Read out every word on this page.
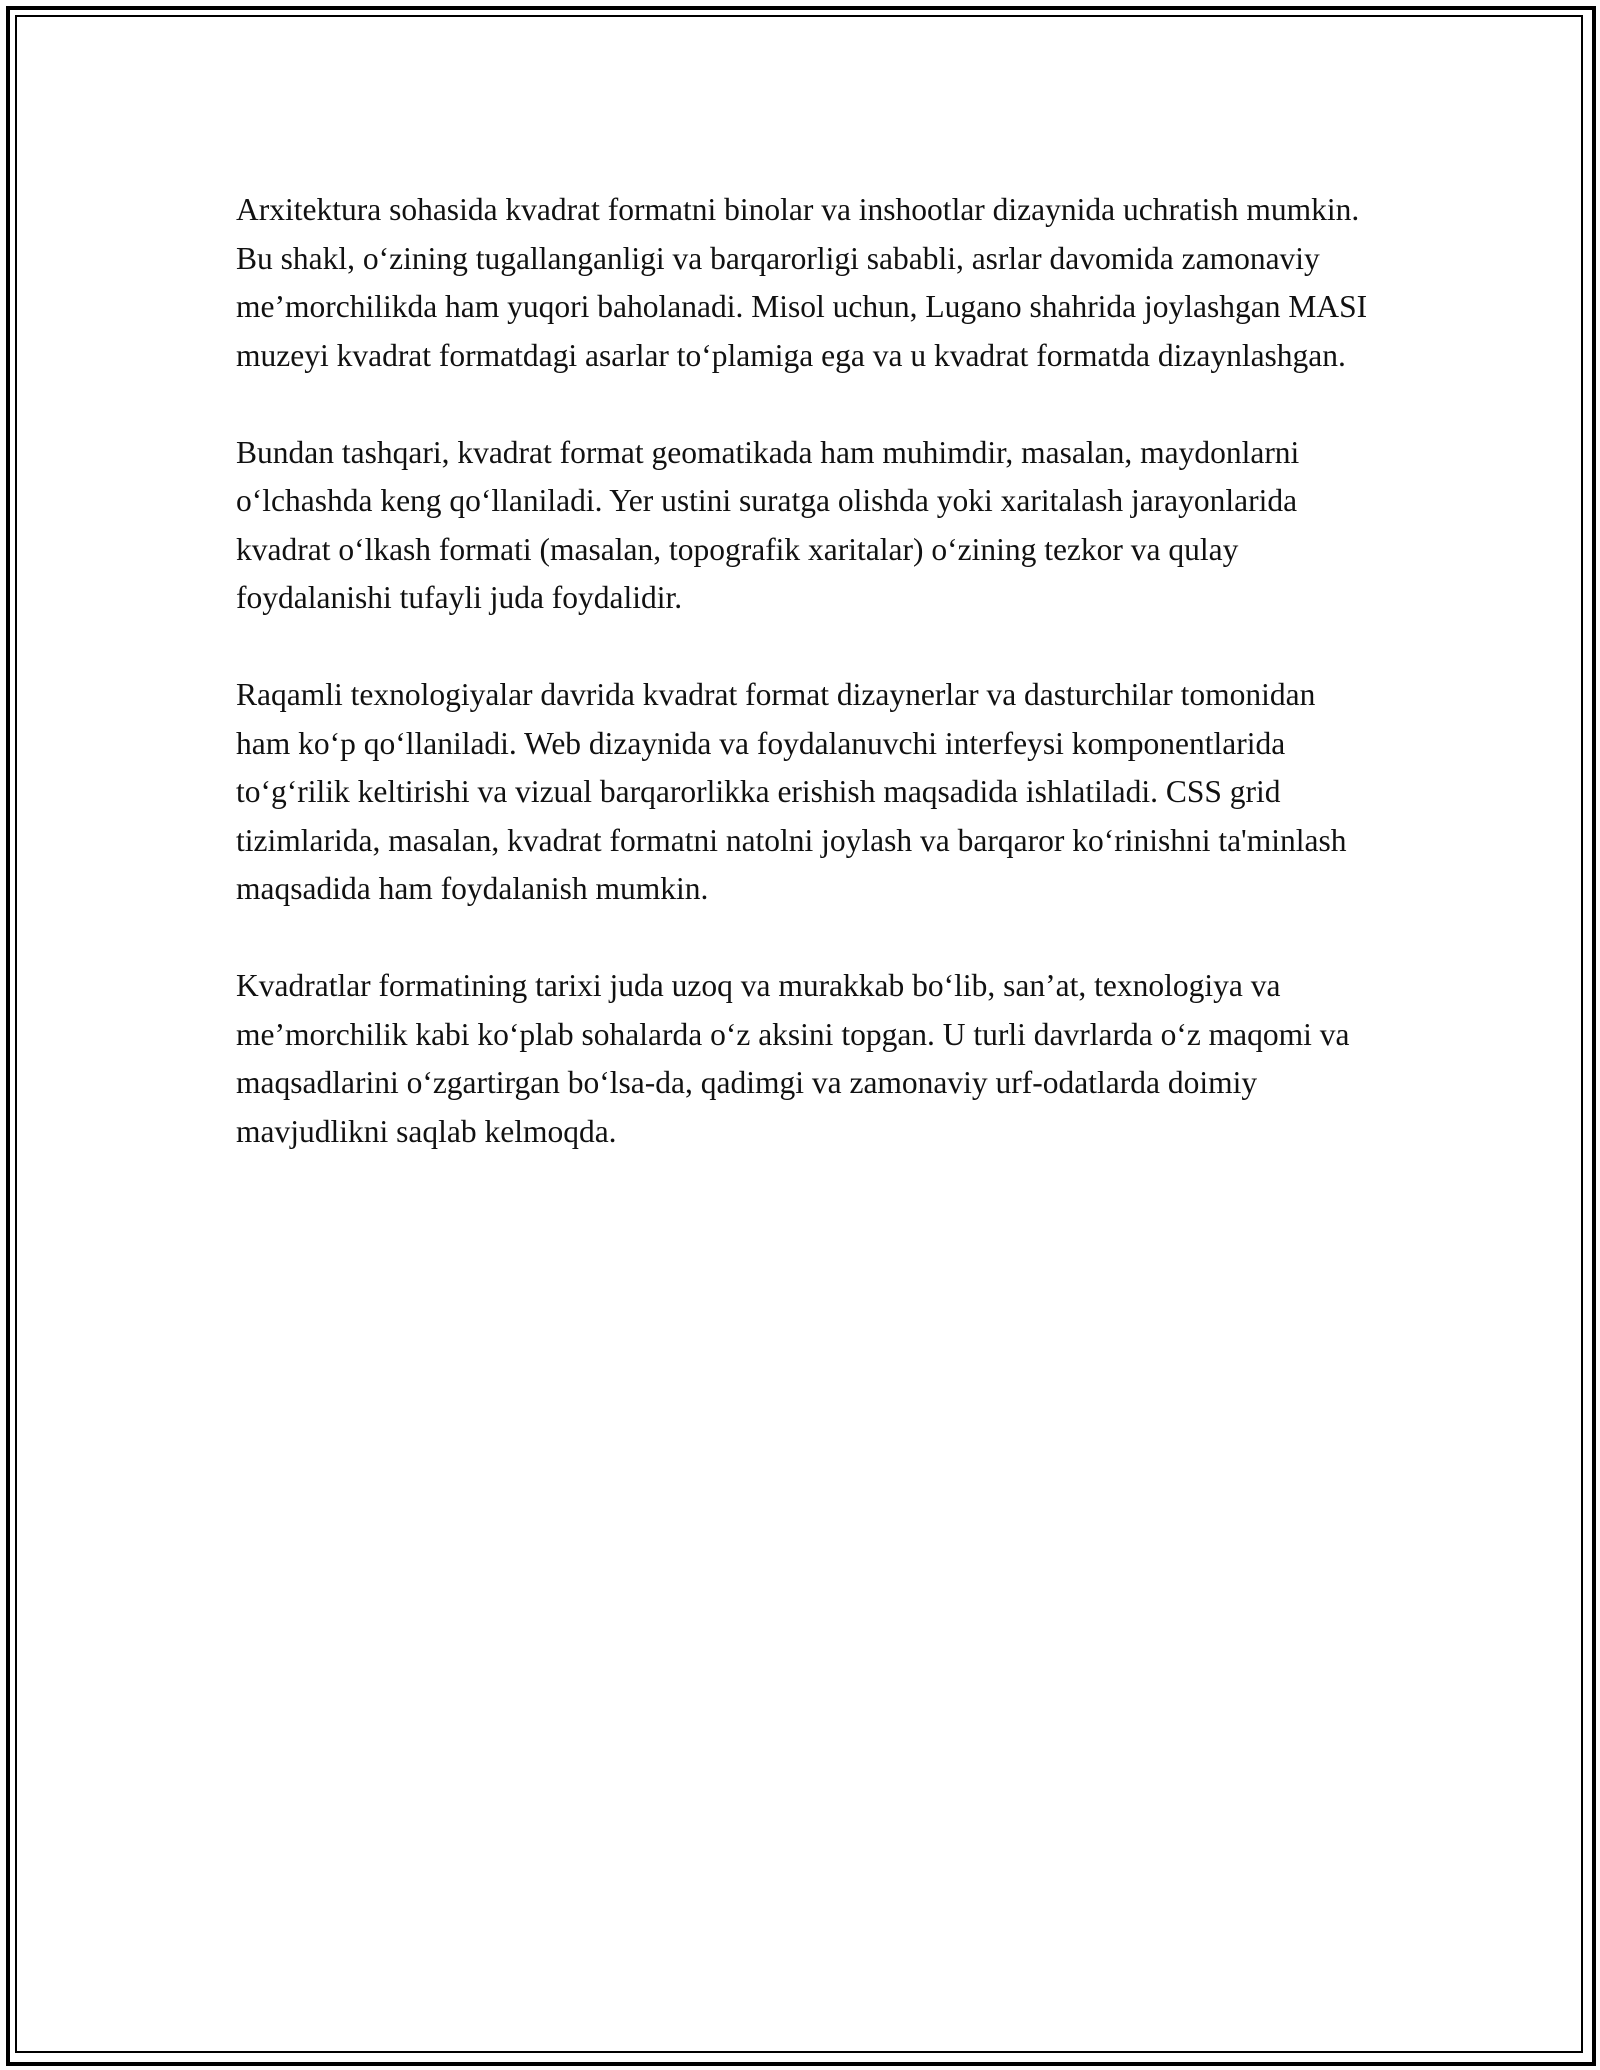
Arxitektura sohasida kvadrat formatni binolar va inshootlar dizaynida uchratish mumkin. Bu shakl, o‘zining tugallanganligi va barqarorligi sababli, asrlar davomida zamonaviy me’morchilikda ham yuqori baholanadi. Misol uchun, Lugano shahrida joylashgan MASI muzeyi kvadrat formatdagi asarlar to‘plamiga ega va u kvadrat formatda dizaynlashgan.

Bundan tashqari, kvadrat format geomatikada ham muhimdir, masalan, maydonlarni o‘lchashda keng qo‘llaniladi. Yer ustini suratga olishda yoki xaritalash jarayonlarida kvadrat o‘lkash formati (masalan, topografik xaritalar) o‘zining tezkor va qulay foydalanishi tufayli juda foydalidir.

Raqamli texnologiyalar davrida kvadrat format dizaynerlar va dasturchilar tomonidan ham ko‘p qo‘llaniladi. Web dizaynida va foydalanuvchi interfeysi komponentlarida to‘g‘rilik keltirishi va vizual barqarorlikka erishish maqsadida ishlatiladi. CSS grid tizimlarida, masalan, kvadrat formatni natolni joylash va barqaror ko‘rinishni ta'minlash maqsadida ham foydalanish mumkin.

Kvadratlar formatining tarixi juda uzoq va murakkab bo‘lib, san’at, texnologiya va me’morchilik kabi ko‘plab sohalarda o‘z aksini topgan. U turli davrlarda o‘z maqomi va maqsadlarini o‘zgartirgan bo‘lsa-da, qadimgi va zamonaviy urf-odatlarda doimiy mavjudlikni saqlab kelmoqda.
